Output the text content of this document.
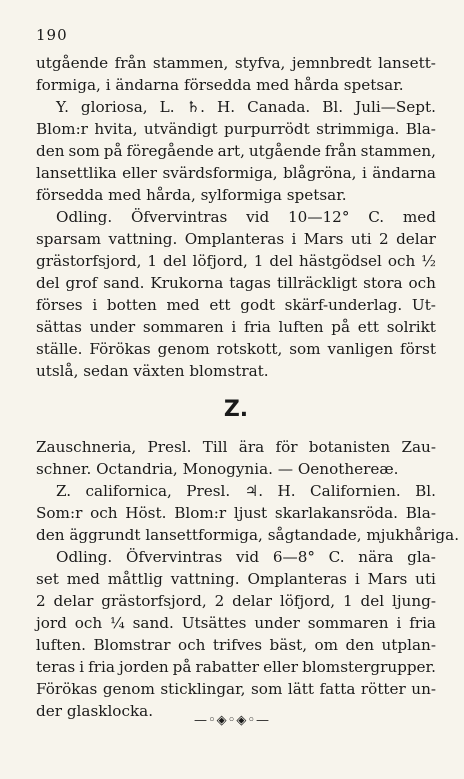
190
utgående från stammen, styfva, jemnbredt lansett-
formiga, i ändarna försedda med hårda spetsar.
Y. gloriosa, L. ♄. H. Canada. Bl. Juli—Sept.
Blom:r hvita, utvändigt purpurrödt strimmiga. Bla-
den som på föregående art, utgående från stammen,
lansettlika eller svärdsformiga, blågröna, i ändarna
försedda med hårda, sylformiga spetsar.
Odling. Öfvervintras vid 10—12° C. med
sparsam vattning. Omplanteras i Mars uti 2 delar
grästorfsjord, 1 del löfjord, 1 del hästgödsel och ½
del grof sand. Krukorna tagas tillräckligt stora och
förses i botten med ett godt skärf-underlag. Ut-
sättas under sommaren i fria luften på ett solrikt
ställe. Förökas genom rotskott, som vanligen först
utslå, sedan växten blomstrat.
Z.
Zauschneria, Presl. Till ära för botanisten Zau-
schner. Octandria, Monogynia. — Oenothereæ.
Z. californica, Presl. ♃. H. Californien. Bl.
Som:r och Höst. Blom:r ljust skarlakansröda. Bla-
den äggrundt lansettformiga, sågtandade, mjukhåriga.
Odling. Öfvervintras vid 6—8° C. nära gla-
set med måttlig vattning. Omplanteras i Mars uti
2 delar grästorfsjord, 2 delar löfjord, 1 del ljung-
jord och ¼ sand. Utsättes under sommaren i fria
luften. Blomstrar och trifves bäst, om den utplan-
teras i fria jorden på rabatter eller blomstergrupper.
Förökas genom sticklingar, som lätt fatta rötter un-
der glasklocka.
—◦◈◦◈◦—
